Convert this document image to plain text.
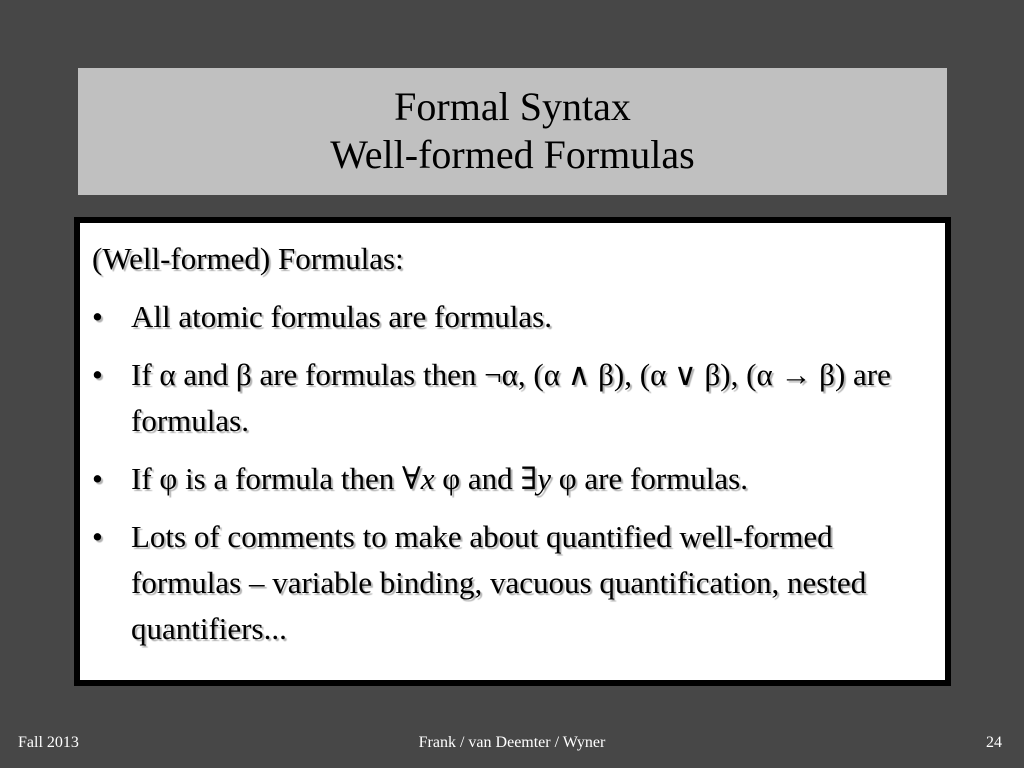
Formal Syntax
Well-formed Formulas
(Well-formed) Formulas:
• All atomic formulas are formulas.
• If α and β are formulas then ¬α, (α ∧ β), (α ∨ β), (α → β) are formulas.
• If φ is a formula then ∀x φ and ∃y φ are formulas.
• Lots of comments to make about quantified well-formed formulas – variable binding, vacuous quantification, nested quantifiers...
Fall 2013	Frank / van Deemter / Wyner	24
